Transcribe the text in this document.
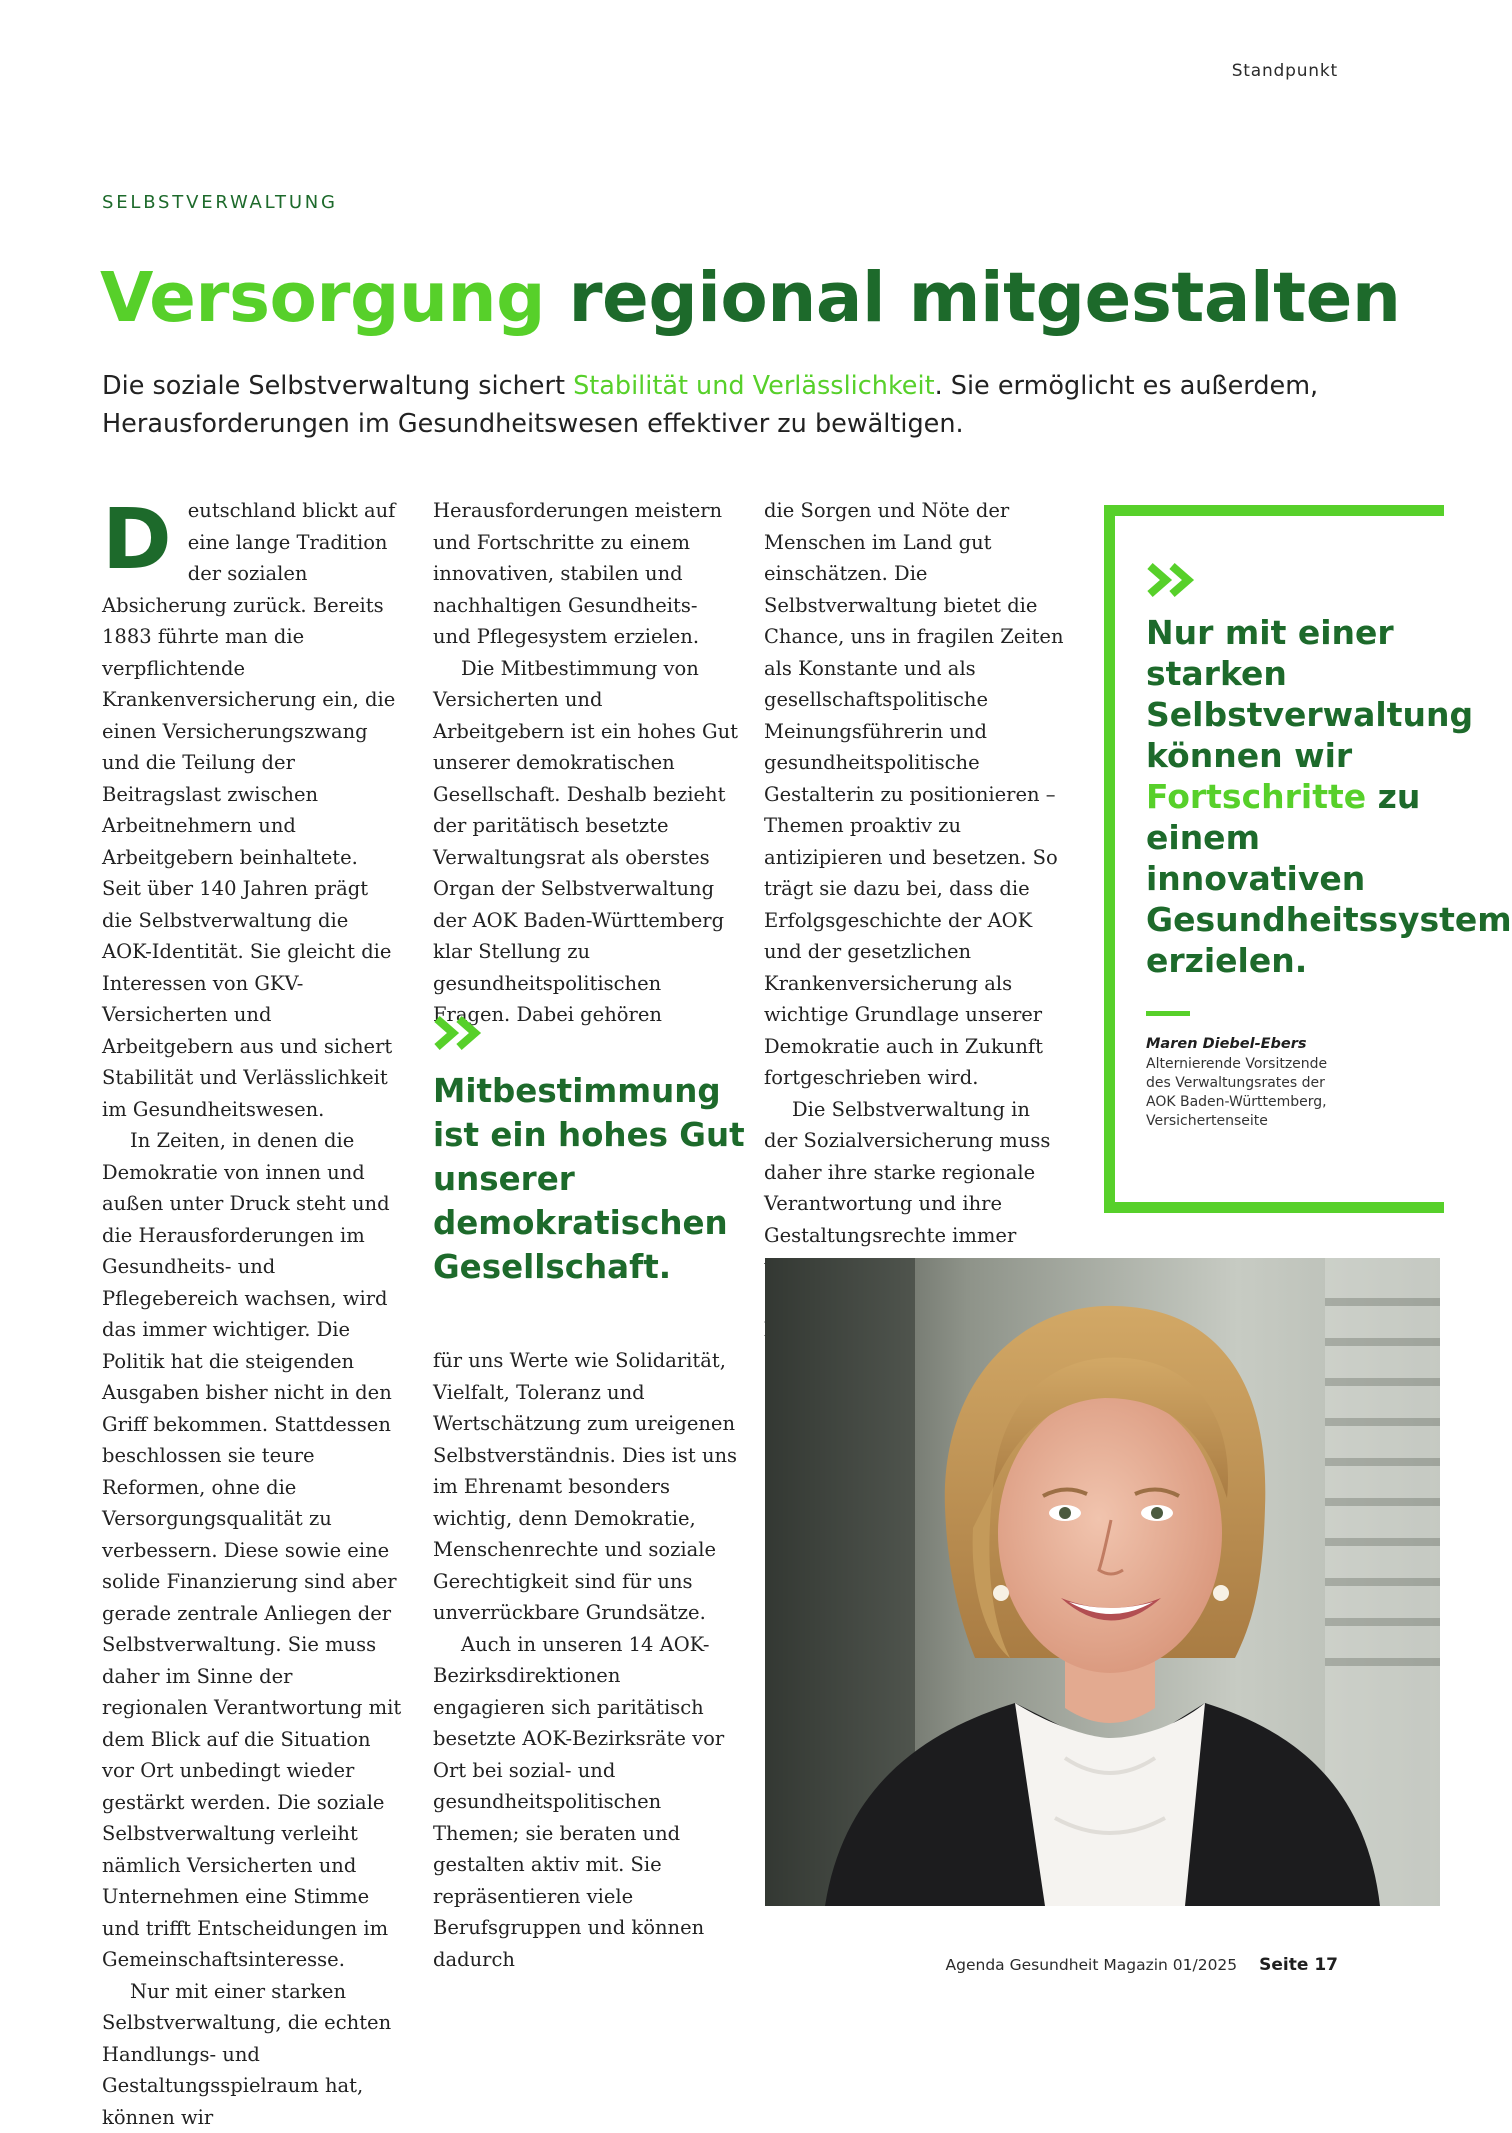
Standpunkt
SELBSTVERWALTUNG
Versorgung regional mitgestalten

Die soziale Selbstverwaltung sichert Stabilität und Verlässlichkeit. Sie ermöglicht es außerdem, Herausforderungen im Gesundheitswesen effektiver zu bewältigen.

Deutschland blickt auf eine lange Tradition der sozialen Absicherung zurück. Bereits 1883 führte man die verpflichtende Krankenversicherung ein, die einen Versicherungszwang und die Teilung der Beitragslast zwischen Arbeitnehmern und Arbeitgebern beinhaltete. Seit über 140 Jahren prägt die Selbstverwaltung die AOK-Identität. Sie gleicht die Interessen von GKV-Versicherten und Arbeitgebern aus und sichert Stabilität und Verlässlichkeit im Gesundheitswesen.

In Zeiten, in denen die Demokratie von innen und außen unter Druck steht und die Herausforderungen im Gesundheits- und Pflegebereich wachsen, wird das immer wichtiger. Die Politik hat die steigenden Ausgaben bisher nicht in den Griff bekommen. Stattdessen beschlossen sie teure Reformen, ohne die Versorgungsqualität zu verbessern. Diese sowie eine solide Finanzierung sind aber gerade zentrale Anliegen der Selbstverwaltung. Sie muss daher im Sinne der regionalen Verantwortung mit dem Blick auf die Situation vor Ort unbedingt wieder gestärkt werden. Die soziale Selbstverwaltung verleiht nämlich Versicherten und Unternehmen eine Stimme und trifft Entscheidungen im Gemeinschaftsinteresse.

Nur mit einer starken Selbstverwaltung, die echten Handlungs- und Gestaltungsspielraum hat, können wir

Herausforderungen meistern und Fortschritte zu einem innovativen, stabilen und nachhaltigen Gesundheits- und Pflegesystem erzielen.

Die Mitbestimmung von Versicherten und Arbeitgebern ist ein hohes Gut unserer demokratischen Gesellschaft. Deshalb bezieht der paritätisch besetzte Verwaltungsrat als oberstes Organ der Selbstverwaltung der AOK Baden-Württemberg klar Stellung zu gesundheitspolitischen Fragen. Dabei gehören

Mitbestimmung ist ein hohes Gut unserer demokratischen Gesellschaft.

für uns Werte wie Solidarität, Vielfalt, Toleranz und Wertschätzung zum ureigenen Selbstverständnis. Dies ist uns im Ehrenamt besonders wichtig, denn Demokratie, Menschenrechte und soziale Gerechtigkeit sind für uns unverrückbare Grundsätze.

Auch in unseren 14 AOK-Bezirksdirektionen engagieren sich paritätisch besetzte AOK-Bezirksräte vor Ort bei sozial- und gesundheitspolitischen Themen; sie beraten und gestalten aktiv mit. Sie repräsentieren viele Berufsgruppen und können dadurch

die Sorgen und Nöte der Menschen im Land gut einschätzen. Die Selbstverwaltung bietet die Chance, uns in fragilen Zeiten als Konstante und als gesellschaftspolitische Meinungsführerin und gesundheitspolitische Gestalterin zu positionieren – Themen proaktiv zu antizipieren und besetzen. So trägt sie dazu bei, dass die Erfolgsgeschichte der AOK und der gesetzlichen Krankenversicherung als wichtige Grundlage unserer Demokratie auch in Zukunft fortgeschrieben wird.

Die Selbstverwaltung in der Sozialversicherung muss daher ihre starke regionale Verantwortung und ihre Gestaltungsrechte immer

Nur mit einer starken Selbstverwaltung können wir Fortschritte zu einem innovativen Gesundheitssystem erzielen.
Maren Diebel-Ebers
Alternierende Vorsitzende
des Verwaltungsrates der
AOK Baden-Württemberg,
Versichertenseite
Agenda Gesundheit Magazin 01/2025 Seite 17
